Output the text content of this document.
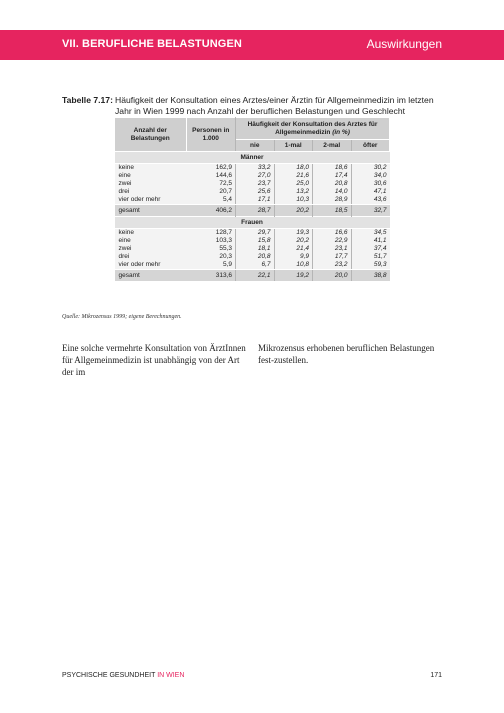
VII. BERUFLICHE BELASTUNGEN	Auswirkungen
Tabelle 7.17: Häufigkeit der Konsultation eines Arztes/einer Ärztin für Allgemeinmedizin im letzten Jahr in Wien 1999 nach Anzahl der beruflichen Belastungen und Geschlecht
Anzahl der Belastungen	Personen in 1.000	Häufigkeit der Konsultation des Arztes für Allgemeinmedizin (in %)			
		nie	1-mal	2-mal	öfter
Männer					
keine	162,9	33,2	18,0	18,6	30,2
eine	144,6	27,0	21,6	17,4	34,0
zwei	72,5	23,7	25,0	20,8	30,6
drei	20,7	25,6	13,2	14,0	47,1
vier oder mehr	5,4	17,1	10,3	28,9	43,6

gesamt	406,2	28,7	20,2	18,5	32,7
Frauen					
keine	128,7	29,7	19,3	16,6	34,5
eine	103,3	15,8	20,2	22,9	41,1
zwei	55,3	18,1	21,4	23,1	37,4
drei	20,3	20,8	9,9	17,7	51,7
vier oder mehr	5,9	6,7	10,8	23,2	59,3

gesamt	313,6	22,1	19,2	20,0	38,8
Quelle: Mikrozensus 1999; eigene Berechnungen.
Eine solche vermehrte Konsultation von ÄrztInnen für Allgemeinmedizin ist unabhängig von der Art der im
Mikrozensus erhobenen beruflichen Belastungen fest-zustellen.
PSYCHISCHE GESUNDHEIT IN WIEN	171
